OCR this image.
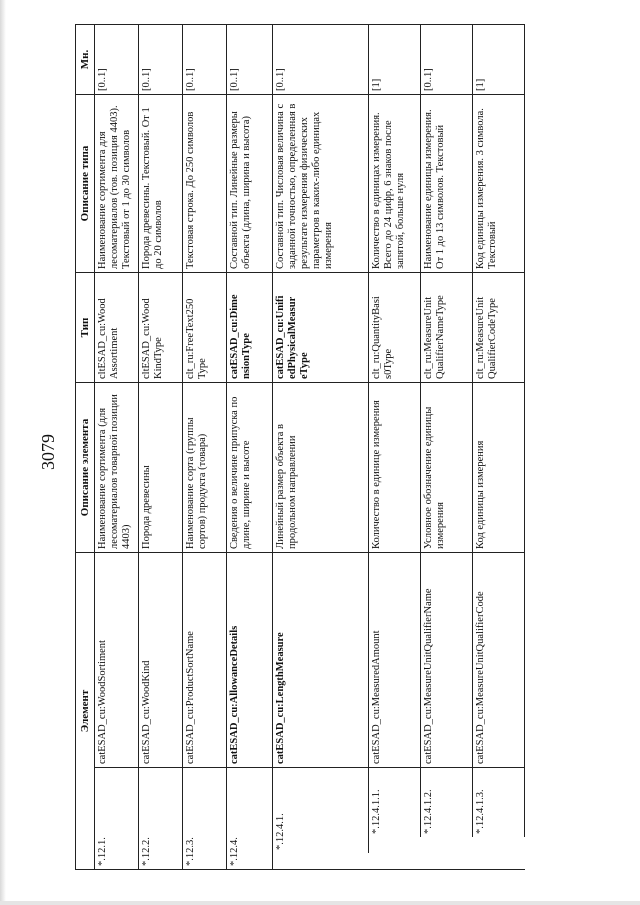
3079
Элемент				Описание элемента	Тип	Описание типа	Мн.
*.12.1.			catESAD_cu:WoodSortiment	Наименование сортимента (для лесоматериалов товарной позиции 4403)	cltESAD_cu:Wood Assortiment	Наименование сортимента для лесоматериалов (тов. позиция 4403). Текстовый от 1 до 30 символов	[0..1]
*.12.2.			catESAD_cu:WoodKind	Порода древесины	cltESAD_cu:Wood KindType	Порода древесины. Текстовый. От 1 до 20 символов	[0..1]
*.12.3.			catESAD_cu:ProductSortName	Наименование сорта (группы сортов) продукта (товара)	clt_ru:FreeText250 Type	Текстовая строка. До 250 символов	[0..1]
*.12.4.			catESAD_cu:AllowanceDetails	Сведения о величине припуска по длине, ширине и высоте	catESAD_cu:Dime nsionType	Составной тип. Линейные размеры объекта (длина, ширина и высота)	[0..1]
	*.12.4.1.		catESAD_cu:LengthMeasure	Линейный размер объекта в продольном направлении	catESAD_cu:Unifi edPhysicalMeasur eType	Составной тип. Числовая величина с заданной точностью, определенная в результате измерения физических параметров в каких-либо единицах измерения	[0..1]
		*.12.4.1.1.	catESAD_cu:MeasuredAmount	Количество в единице измерения	clt_ru:QuantityBasi s0Type	Количество в единицах измерения. Всего до 24 цифр, 6 знаков после запятой, больше нуля	[1]
		*.12.4.1.2.	catESAD_cu:MeasureUnitQualifierName	Условное обозначение единицы измерения	clt_ru:MeasureUnit QualifierNameType	Наименование единицы измерения. От 1 до 13 символов. Текстовый	[0..1]
		*.12.4.1.3.	catESAD_cu:MeasureUnitQualifierCode	Код единицы измерения	clt_ru:MeasureUnit QualifierCodeType	Код единицы измерения. 3 символа. Текстовый	[1]
